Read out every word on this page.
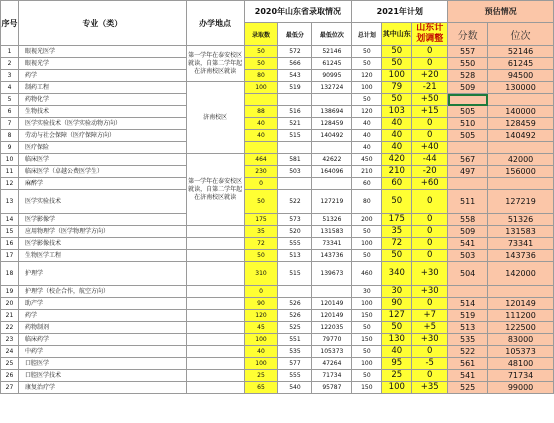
序号	专业（类）	办学地点	2020年山东省录取情况			2021年计划			预估情况	
			录取数	最低分	最低位次	总计划	其中山东	山东计划调整	分数	位次
1	眼视光医学	第一学年在泰安校区就读，自第二学年起在济南校区就读	50	572	52146	50	50	0	557	52146
2	眼视光学		50	566	61245	50	50	0	550	61245
3	药学		80	543	90995	120	100	+20	528	94500
4	制药工程	济南校区	100	519	132724	100	79	-21	509	130000
5	药物化学					50	50	+50		
6	生物技术		88	516	138694	120	103	+15	505	140000
7	医学实验技术（医学实验动物方向）		40	521	128459	40	40	0	510	128459
8	劳动与社会保障（医疗保障方向）		40	515	140492	40	40	0	505	140492
9	医疗保险					40	40	+40		
10	临床医学	第一学年在泰安校区就读，自第二学年起在济南校区就读	464	581	42622	450	420	-44	567	42000
11	临床医学（卓越公费医学生）		230	503	164096	210	210	-20	497	156000
12	麻醉学		0			60	60	+60		
13	医学实验技术		50	522	127219	80	50	0	511	127219
14	医学影像学		175	573	51326	200	175	0	558	51326
15	应用物理学（医学物理学方向）		35	520	131583	50	35	0	509	131583
16	医学影像技术		72	555	73341	100	72	0	541	73341
17	生物医学工程		50	513	143736	50	50	0	503	143736
18	护理学		310	515	139673	460	340	+30	504	142000
19	护理学（校企合作，航空方向）		0			30	30	+30		
20	助产学		90	526	120149	100	90	0	514	120149
21	药学		120	526	120149	150	127	+7	519	111200
22	药物制剂		45	525	122035	50	50	+5	513	122500
23	临床药学		100	551	79770	150	130	+30	535	83000
24	中药学		40	535	105373	50	40	0	522	105373
25	口腔医学		100	577	47264	100	95	-5	561	48100
26	口腔医学技术		25	555	71734	50	25	0	541	71734
27	康复治疗学		65	540	95787	150	100	+35	525	99000
